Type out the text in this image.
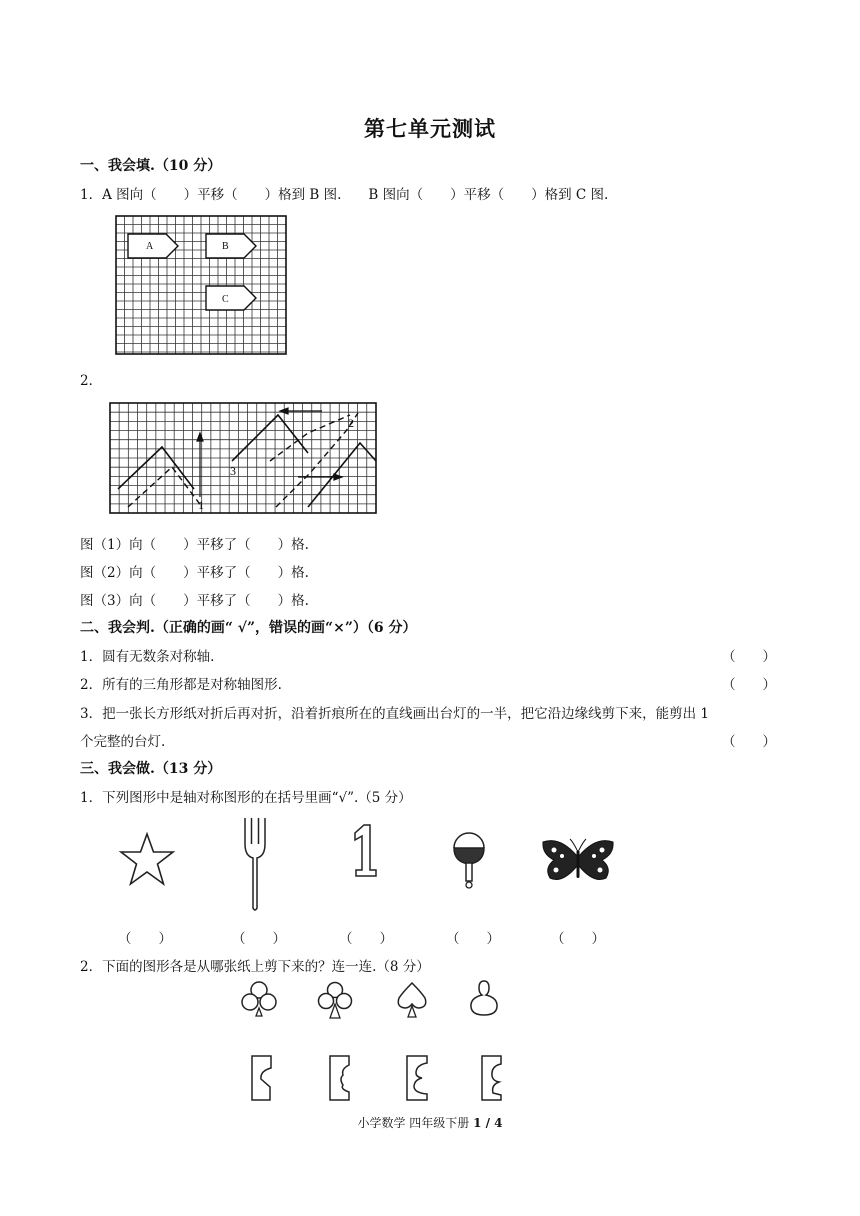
第七单元测试
一、我会填.（10 分）
1．A 图向（　　）平移（　　）格到 B 图.　　B 图向（　　）平移（　　）格到 C 图.
A	B
C
2．
2
3
1
图（1）向（　　）平移了（　　）格.
图（2）向（　　）平移了（　　）格.
图（3）向（　　）平移了（　　）格.
二、我会判.（正确的画“ √”，错误的画“×”）（6 分）
1．圆有无数条对称轴.	（　　）
2．所有的三角形都是对称轴图形.	（　　）
3．把一张长方形纸对折后再对折，沿着折痕所在的直线画出台灯的一半，把它沿边缘线剪下来，能剪出 1
个完整的台灯.	（　　）
三、我会做.（13 分）
1．下列图形中是轴对称图形的在括号里画“√”.（5 分）
（　　）	（　　）	（　　）	（　　）	（　　）
2．下面的图形各是从哪张纸上剪下来的？连一连.（8 分）
小学数学 四年级下册 1 / 4
